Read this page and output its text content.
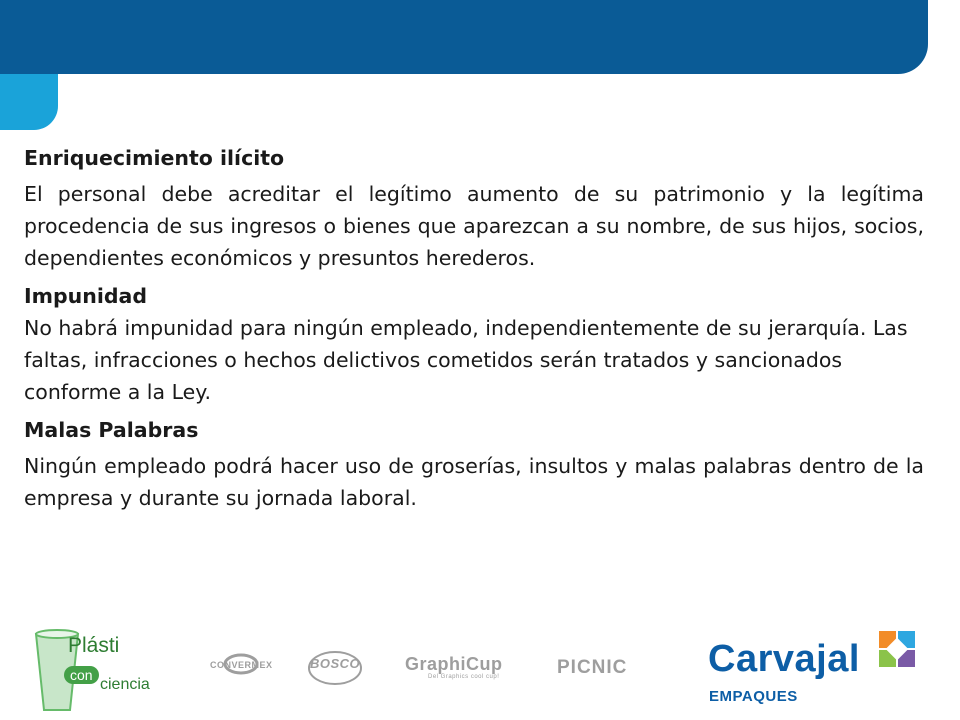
Enriquecimiento ilícito

El personal debe acreditar el legítimo aumento de su patrimonio y la legítima procedencia de sus ingresos o bienes que aparezcan a su nombre, de sus hijos, socios, dependientes económicos y presuntos herederos.

Impunidad

No habrá impunidad para ningún empleado, independientemente de su jerarquía. Las faltas, infracciones o hechos delictivos cometidos serán tratados y sancionados conforme a la Ley.

Malas Palabras

Ningún empleado podrá hacer uso de groserías, insultos y malas palabras dentro de la empresa y durante su jornada laboral.

Plásti
con
ciencia
CONVERMEX	BOSCO GraphiCup
Del Graphics cool cup!	PICNIC Carvajal
EMPAQUES
